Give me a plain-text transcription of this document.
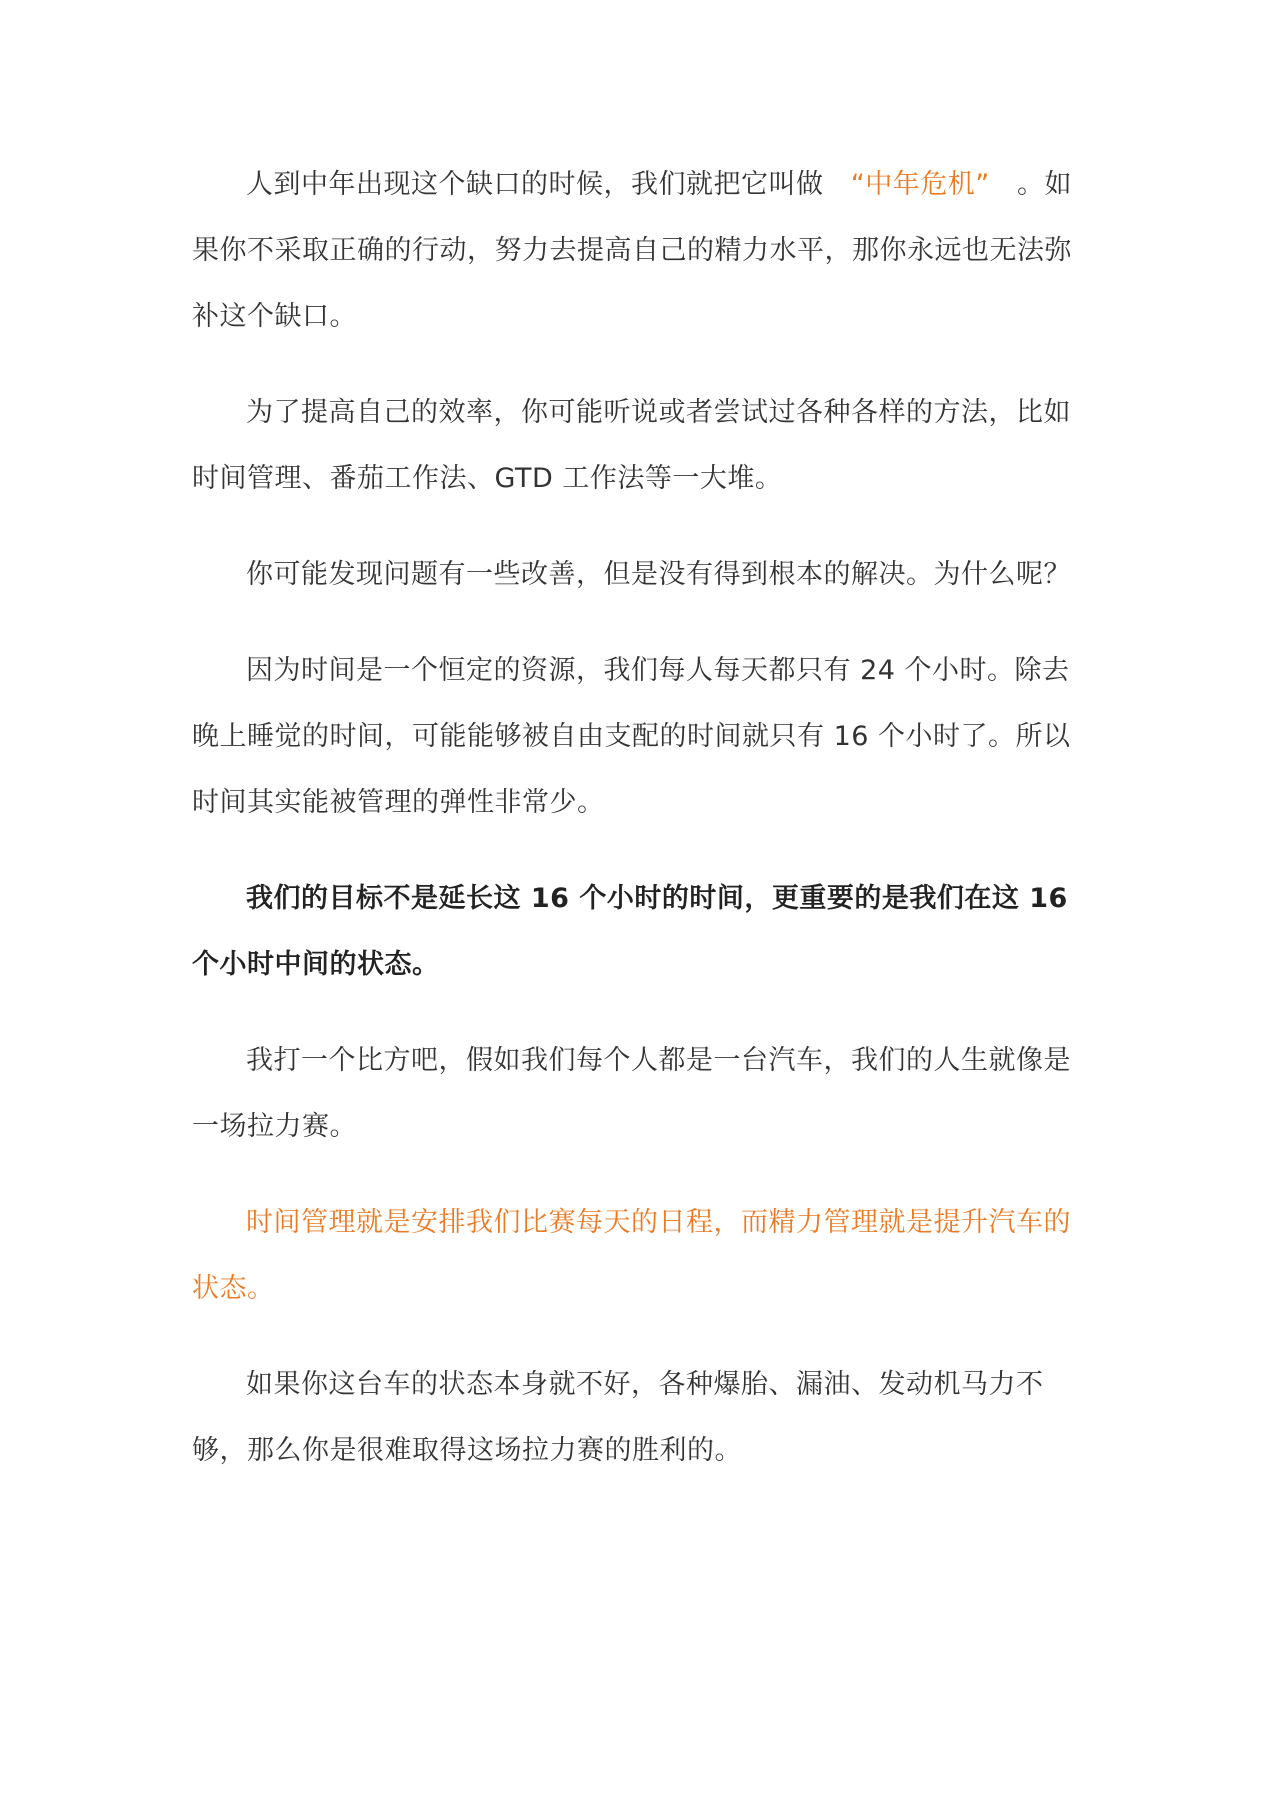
人到中年出现这个缺口的时候，我们就把它叫做 “中年危机” 。如果你不采取正确的行动，努力去提高自己的精力水平，那你永远也无法弥补这个缺口。

为了提高自己的效率，你可能听说或者尝试过各种各样的方法，比如时间管理、番茄工作法、GTD 工作法等一大堆。

你可能发现问题有一些改善，但是没有得到根本的解决。为什么呢？

因为时间是一个恒定的资源，我们每人每天都只有 24 个小时。除去晚上睡觉的时间，可能能够被自由支配的时间就只有 16 个小时了。所以时间其实能被管理的弹性非常少。

我们的目标不是延长这 16 个小时的时间，更重要的是我们在这 16 个小时中间的状态。

我打一个比方吧，假如我们每个人都是一台汽车，我们的人生就像是一场拉力赛。

时间管理就是安排我们比赛每天的日程，而精力管理就是提升汽车的状态。

如果你这台车的状态本身就不好，各种爆胎、漏油、发动机马力不够，那么你是很难取得这场拉力赛的胜利的。
